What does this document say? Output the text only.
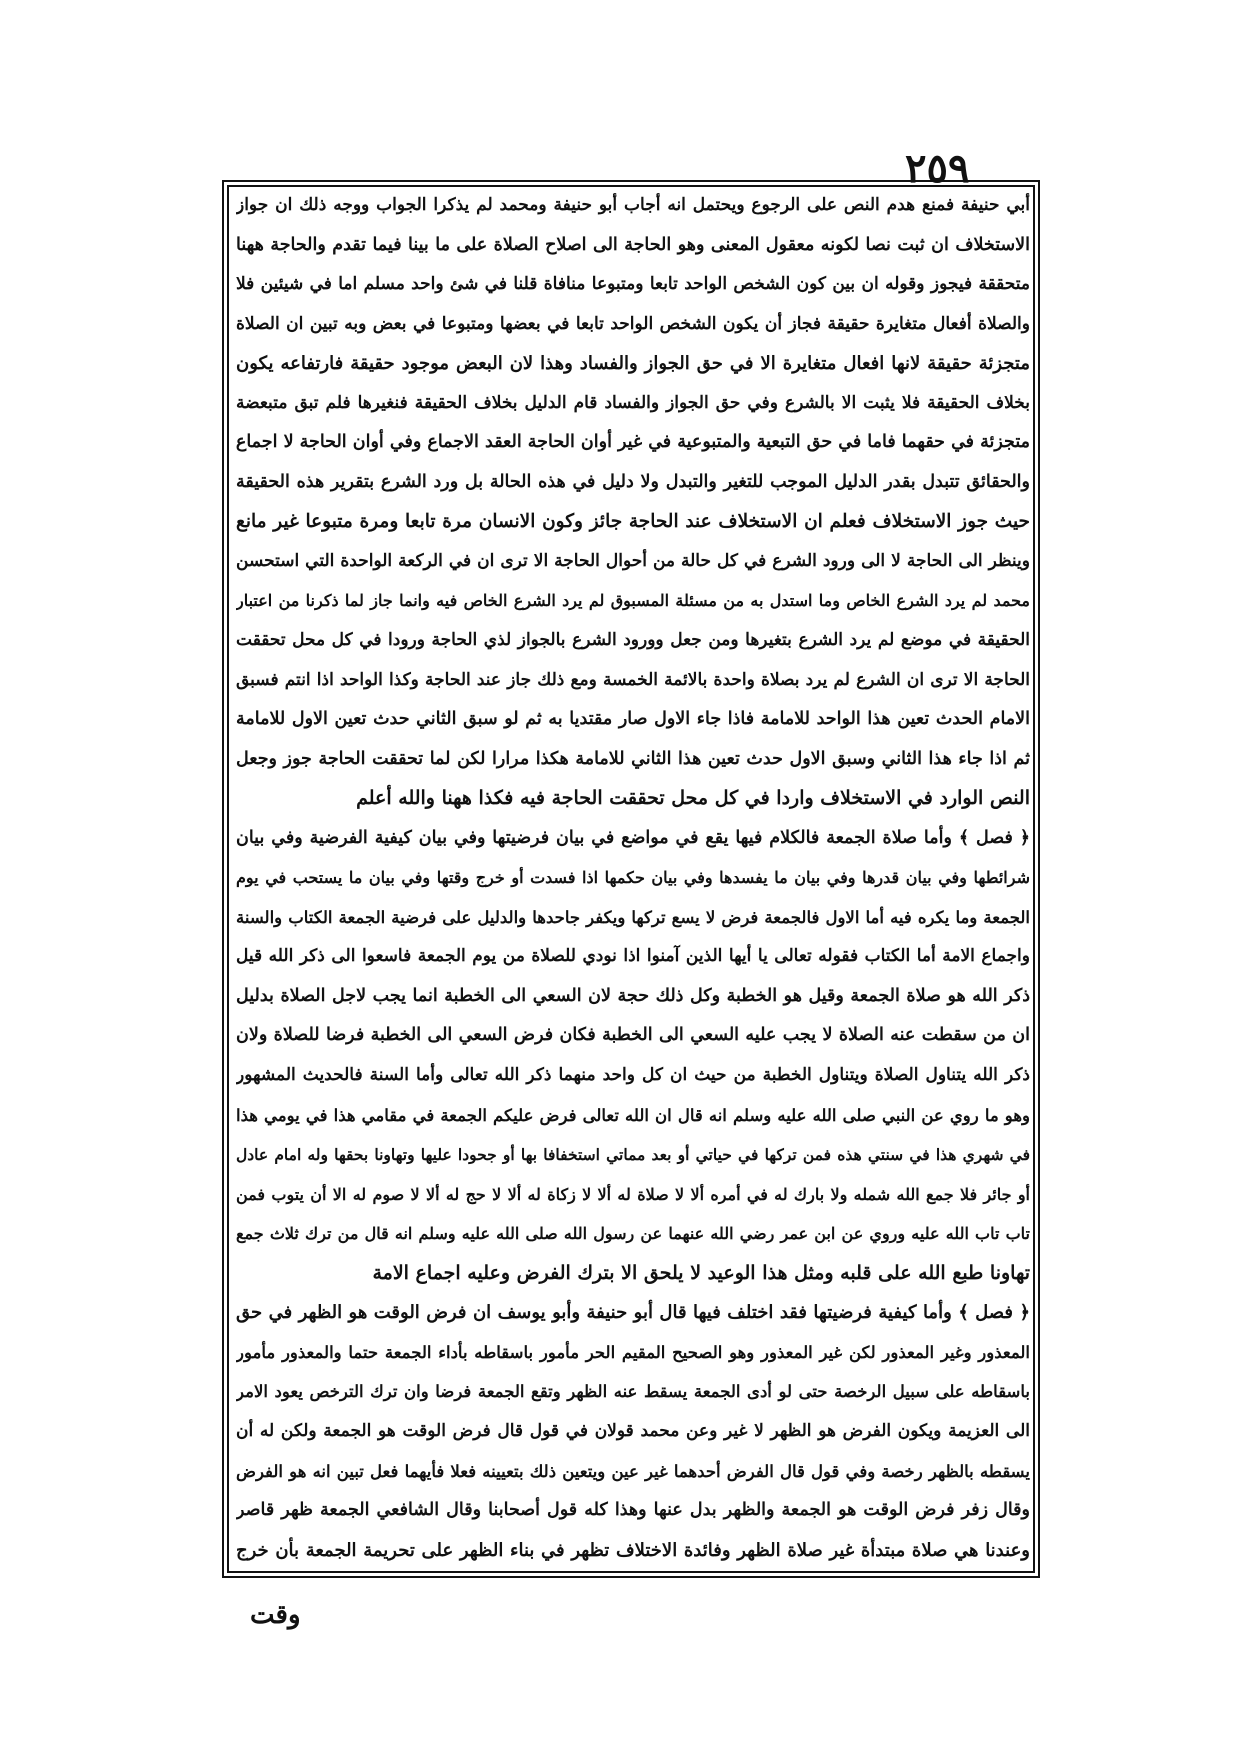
٢٥٩
أبي حنيفة فمنع هدم النص على الرجوع ويحتمل انه أجاب أبو حنيفة ومحمد لم يذكرا الجواب ووجه ذلك ان جواز
الاستخلاف ان ثبت نصا لكونه معقول المعنى وهو الحاجة الى اصلاح الصلاة على ما بينا فيما تقدم والحاجة ههنا
متحققة فيجوز وقوله ان بين كون الشخص الواحد تابعا ومتبوعا منافاة قلنا في شئ واحد مسلم اما في شيئين فلا
والصلاة أفعال متغايرة حقيقة فجاز أن يكون الشخص الواحد تابعا في بعضها ومتبوعا في بعض وبه تبين ان الصلاة
متجزئة حقيقة لانها افعال متغايرة الا في حق الجواز والفساد وهذا لان البعض موجود حقيقة فارتفاعه يكون
بخلاف الحقيقة فلا يثبت الا بالشرع وفي حق الجواز والفساد قام الدليل بخلاف الحقيقة فنغيرها فلم تبق متبعضة
متجزئة في حقهما فاما في حق التبعية والمتبوعية في غير أوان الحاجة العقد الاجماع وفي أوان الحاجة لا اجماع
والحقائق تتبدل بقدر الدليل الموجب للتغير والتبدل ولا دليل في هذه الحالة بل ورد الشرع بتقرير هذه الحقيقة
حيث جوز الاستخلاف فعلم ان الاستخلاف عند الحاجة جائز وكون الانسان مرة تابعا ومرة متبوعا غير مانع
وينظر الى الحاجة لا الى ورود الشرع في كل حالة من أحوال الحاجة الا ترى ان في الركعة الواحدة التي استحسن
محمد لم يرد الشرع الخاص وما استدل به من مسئلة المسبوق لم يرد الشرع الخاص فيه وانما جاز لما ذكرنا من اعتبار
الحقيقة في موضع لم يرد الشرع بتغيرها ومن جعل وورود الشرع بالجواز لذي الحاجة ورودا في كل محل تحققت
الحاجة الا ترى ان الشرع لم يرد بصلاة واحدة بالائمة الخمسة ومع ذلك جاز عند الحاجة وكذا الواحد اذا انتم فسبق
الامام الحدث تعين هذا الواحد للامامة فاذا جاء الاول صار مقتديا به ثم لو سبق الثاني حدث تعين الاول للامامة
ثم اذا جاء هذا الثاني وسبق الاول حدث تعين هذا الثاني للامامة هكذا مرارا لكن لما تحققت الحاجة جوز وجعل
النص الوارد في الاستخلاف واردا في كل محل تحققت الحاجة فيه فكذا ههنا والله أعلم
﴿ فصل ﴾ وأما صلاة الجمعة فالكلام فيها يقع في مواضع في بيان فرضيتها وفي بيان كيفية الفرضية وفي بيان
شرائطها وفي بيان قدرها وفي بيان ما يفسدها وفي بيان حكمها اذا فسدت أو خرج وقتها وفي بيان ما يستحب في يوم
الجمعة وما يكره فيه أما الاول فالجمعة فرض لا يسع تركها ويكفر جاحدها والدليل على فرضية الجمعة الكتاب والسنة
واجماع الامة أما الكتاب فقوله تعالى يا أيها الذين آمنوا اذا نودي للصلاة من يوم الجمعة فاسعوا الى ذكر الله قيل
ذكر الله هو صلاة الجمعة وقيل هو الخطبة وكل ذلك حجة لان السعي الى الخطبة انما يجب لاجل الصلاة بدليل
ان من سقطت عنه الصلاة لا يجب عليه السعي الى الخطبة فكان فرض السعي الى الخطبة فرضا للصلاة ولان
ذكر الله يتناول الصلاة ويتناول الخطبة من حيث ان كل واحد منهما ذكر الله تعالى وأما السنة فالحديث المشهور
وهو ما روي عن النبي صلى الله عليه وسلم انه قال ان الله تعالى فرض عليكم الجمعة في مقامي هذا في يومي هذا
في شهري هذا في سنتي هذه فمن تركها في حياتي أو بعد مماتي استخفافا بها أو جحودا عليها وتهاونا بحقها وله امام عادل
أو جائر فلا جمع الله شمله ولا بارك له في أمره ألا لا صلاة له ألا لا زكاة له ألا لا حج له ألا لا صوم له الا أن يتوب فمن
تاب تاب الله عليه وروي عن ابن عمر رضي الله عنهما عن رسول الله صلى الله عليه وسلم انه قال من ترك ثلاث جمع
تهاونا طبع الله على قلبه ومثل هذا الوعيد لا يلحق الا بترك الفرض وعليه اجماع الامة
﴿ فصل ﴾ وأما كيفية فرضيتها فقد اختلف فيها قال أبو حنيفة وأبو يوسف ان فرض الوقت هو الظهر في حق
المعذور وغير المعذور لكن غير المعذور وهو الصحيح المقيم الحر مأمور باسقاطه بأداء الجمعة حتما والمعذور مأمور
باسقاطه على سبيل الرخصة حتى لو أدى الجمعة يسقط عنه الظهر وتقع الجمعة فرضا وان ترك الترخص يعود الامر
الى العزيمة ويكون الفرض هو الظهر لا غير وعن محمد قولان في قول قال فرض الوقت هو الجمعة ولكن له أن
يسقطه بالظهر رخصة وفي قول قال الفرض أحدهما غير عين ويتعين ذلك بتعيينه فعلا فأيهما فعل تبين انه هو الفرض
وقال زفر فرض الوقت هو الجمعة والظهر بدل عنها وهذا كله قول أصحابنا وقال الشافعي الجمعة ظهر قاصر
وعندنا هي صلاة مبتدأة غير صلاة الظهر وفائدة الاختلاف تظهر في بناء الظهر على تحريمة الجمعة بأن خرج
وقت
